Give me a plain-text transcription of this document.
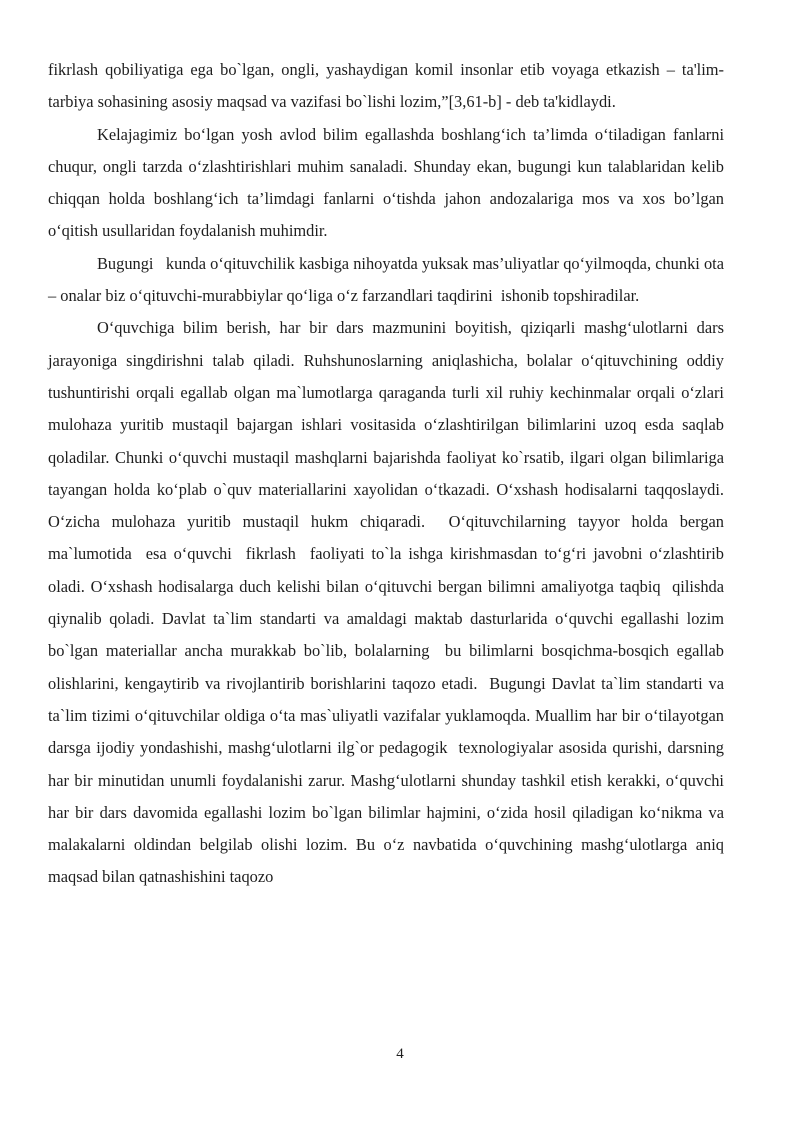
fikrlash qobiliyatiga ega bo`lgan, ongli, yashaydigan komil insonlar etib voyaga etkazish – ta'lim-tarbiya sohasining asosiy maqsad va vazifasi bo`lishi lozim,”[3,61-b] - deb ta'kidlaydi.

Kelajagimiz bo‘lgan yosh avlod bilim egallashda boshlang‘ich ta’limda o‘tiladigan fanlarni chuqur, ongli tarzda o‘zlashtirishlari muhim sanaladi. Shunday ekan, bugungi kun talablaridan kelib chiqqan holda boshlang‘ich ta’limdagi fanlarni o‘tishda jahon andozalariga mos va xos bo’lgan o‘qitish usullaridan foydalanish muhimdir.

Bugungi   kunda o‘qituvchilik kasbiga nihoyatda yuksak mas’uliyatlar qo‘yilmoqda, chunki ota – onalar biz o‘qituvchi-murabbiylar qo‘liga o‘z farzandlari taqdirini  ishonib topshiradilar.

O‘quvchiga bilim berish, har bir dars mazmunini boyitish, qiziqarli mashg‘ulotlarni dars jarayoniga singdirishni talab qiladi. Ruhshunoslarning aniqlashicha, bolalar o‘qituvchining oddiy tushuntirishi orqali egallab olgan ma`lumotlarga qaraganda turli xil ruhiy kechinmalar orqali o‘zlari mulohaza yuritib mustaqil bajargan ishlari vositasida o‘zlashtirilgan bilimlarini uzoq esda saqlab qoladilar. Chunki o‘quvchi mustaqil mashqlarni bajarishda faoliyat ko`rsatib, ilgari olgan bilimlariga tayangan holda ko‘plab o`quv materiallarini xayolidan o‘tkazadi. O‘xshash hodisalarni taqqoslaydi. O‘zicha mulohaza yuritib mustaqil hukm chiqaradi.  O‘qituvchilarning tayyor holda bergan ma`lumotida  esa o‘quvchi  fikrlash  faoliyati to`la ishga kirishmasdan to‘g‘ri javobni o‘zlashtirib oladi. O‘xshash hodisalarga duch kelishi bilan o‘qituvchi bergan bilimni amaliyotga taqbiq  qilishda qiynalib qoladi. Davlat ta`lim standarti va amaldagi maktab dasturlarida o‘quvchi egallashi lozim bo`lgan materiallar ancha murakkab bo`lib, bolalarning  bu bilimlarni bosqichma-bosqich egallab olishlarini, kengaytirib va rivojlantirib borishlarini taqozo etadi.  Bugungi Davlat ta`lim standarti va ta`lim tizimi o‘qituvchilar oldiga o‘ta mas`uliyatli vazifalar yuklamoqda. Muallim har bir o‘tilayotgan darsga ijodiy yondashishi, mashg‘ulotlarni ilg`or pedagogik  texnologiyalar asosida qurishi, darsning har bir minutidan unumli foydalanishi zarur. Mashg‘ulotlarni shunday tashkil etish kerakki, o‘quvchi har bir dars davomida egallashi lozim bo`lgan bilimlar hajmini, o‘zida hosil qiladigan ko‘nikma va malakalarni oldindan belgilab olishi lozim. Bu o‘z navbatida o‘quvchining mashg‘ulotlarga aniq maqsad bilan qatnashishini taqozo

4
